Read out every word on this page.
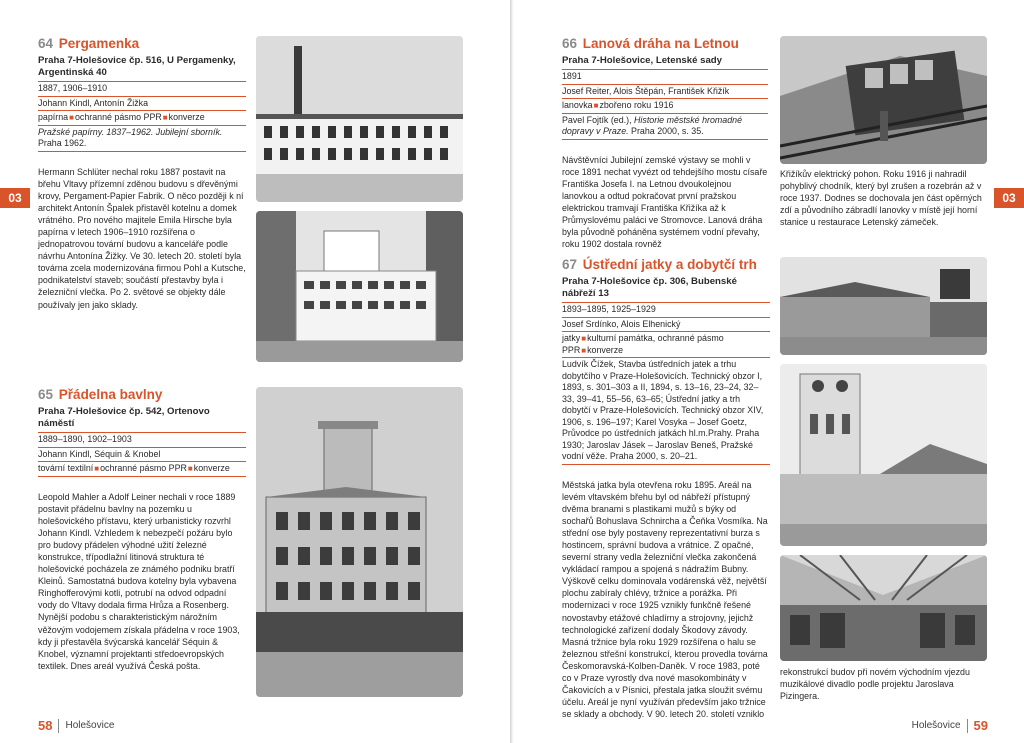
03	03
64 Pergamenka
Praha 7-Holešovice čp. 516, U Pergamenky, Argentinská 40
1887, 1906–1910
Johann Kindl, Antonín Žižka
papírna■ochranné pásmo PPR■konverze
Pražské papírny. 1837–1962. Jubilejní sborník. Praha 1962.
Hermann Schlüter nechal roku 1887 postavit na břehu Vltavy přízemní zděnou budovu s dřevěnými krovy, Pergament-Papier Fabrik. O něco později k ní architekt Antonín Špalek přistavěl kotelnu a domek vrátného. Pro nového majitele Emila Hirsche byla papírna v letech 1906–1910 rozšířena o jednopatrovou tovární budovu a kanceláře podle návrhu Antonína Žižky. Ve 30. letech 20. století byla továrna zcela modernizována firmou Pohl a Kutsche, podnikatelství staveb; součástí přestavby byla i železniční vlečka. Po 2. světové se objekty dále používaly jen jako sklady.
65 Přádelna bavlny
Praha 7-Holešovice čp. 542, Ortenovo náměstí
1889–1890, 1902–1903
Johann Kindl, Séquin & Knobel
tovární textilní■ochranné pásmo PPR■konverze
Leopold Mahler a Adolf Leiner nechali v roce 1889 postavit přádelnu bavlny na pozemku u holešovického přístavu, který urbanisticky rozvrhl Johann Kindl. Vzhledem k nebezpečí požáru bylo pro budovy přádelen výhodné užití železné konstrukce, třípodlažní litinová struktura té holešovické pocházela ze známého podniku bratří Kleinů. Samostatná budova kotelny byla vybavena Ringhofferovými kotli, potrubí na odvod odpadní vody do Vltavy dodala firma Hrůza a Rosenberg. Nynější podobu s charakteristickým nárožním věžovým vodojemem získala přádelna v roce 1903, kdy ji přestavěla švýcarská kancelář Séquin & Knobel, významní projektanti středoevropských textilek. Dnes areál využívá Česká pošta.
66 Lanová dráha na Letnou
Praha 7-Holešovice, Letenské sady
1891
Josef Reiter, Alois Štěpán, František Křižík
lanovka■zbořeno roku 1916
Pavel Fojtík (ed.), Historie městské hromadné dopravy v Praze. Praha 2000, s. 35.
Návštěvníci Jubilejní zemské výstavy se mohli v roce 1891 nechat vyvézt od tehdejšího mostu císaře Františka Josefa I. na Letnou dvoukolejnou lanovkou a odtud pokračovat první pražskou elektrickou tramvají Františka Křižíka až k Průmyslovému paláci ve Stromovce. Lanová dráha byla původně poháněna systémem vodní převahy, roku 1902 dostala rovněž
Křižíkův elektrický pohon. Roku 1916 ji nahradil pohyblivý chodník, který byl zrušen a rozebrán až v roce 1937. Dodnes se dochovala jen část opěrných zdí a původního zábradlí lanovky v místě její horní stanice u restaurace Letenský zámeček.
67 Ústřední jatky a dobytčí trh
Praha 7-Holešovice čp. 306, Bubenské nábřeží 13
1893–1895, 1925–1929
Josef Srdínko, Alois Elhenický
jatky■kulturní památka, ochranné pásmo PPR■konverze
Ludvík Čížek, Stavba ústředních jatek a trhu dobytčího v Praze-Holešovicích. Technický obzor I, 1893, s. 301–303 a II, 1894, s. 13–16, 23–24, 32–33, 39–41, 55–56, 63–65; Ústřední jatky a trh dobytčí v Praze-Holešovicích. Technický obzor XIV, 1906, s. 196–197; Karel Vosyka – Josef Goetz, Průvodce po ústředních jatkách hl.m.Prahy. Praha 1930; Jaroslav Jásek – Jaroslav Beneš, Pražské vodní věže. Praha 2000, s. 20–21.
Městská jatka byla otevřena roku 1895. Areál na levém vltavském břehu byl od nábřeží přístupný dvěma branami s plastikami mužů s býky od sochařů Bohuslava Schnircha a Čeňka Vosmíka. Na střední ose byly postaveny reprezentativní burza s hostincem, správní budova a vrátnice. Z opačné, severní strany vedla železniční vlečka zakončená vykládací rampou a spojená s nádražím Bubny. Výškově celku dominovala vodárenská věž, největší plochu zabíraly chlévy, tržnice a porážka. Při modernizaci v roce 1925 vznikly funkčně řešené novostavby etážové chladírny a strojovny, jejichž technologické zařízení dodaly Škodovy závody. Masná tržnice byla roku 1929 rozšířena o halu se železnou střešní konstrukcí, kterou provedla továrna Českomoravská-Kolben-Daněk. V roce 1983, poté co v Praze vyrostly dva nové masokombináty v Čakovicích a v Písnici, přestala jatka sloužit svému účelu. Areál je nyní využíván především jako tržnice se sklady a obchody. V 90. letech 20. století vzniklo
rekonstrukcí budov při novém východním vjezdu muzikálové divadlo podle projektu Jaroslava Pizingera.
58 Holešovice	Holešovice 59
